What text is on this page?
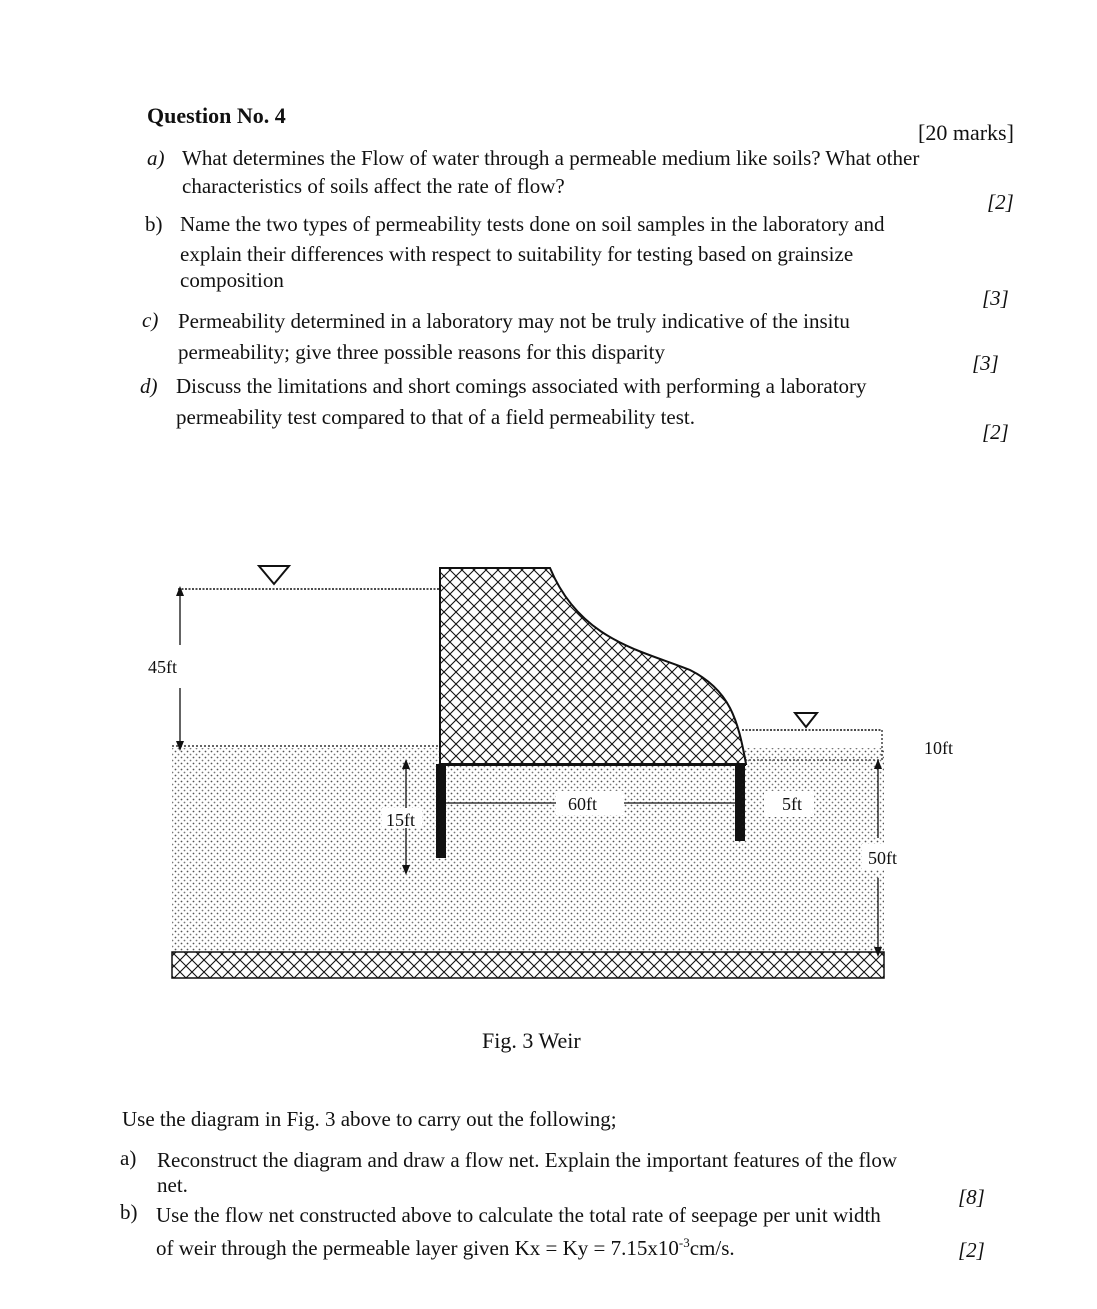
Question No. 4
[20 marks]
a) What determines the Flow of water through a permeable medium like soils? What other
characteristics of soils affect the rate of flow?
[2]
b) Name the two types of permeability tests done on soil samples in the laboratory and
explain their differences with respect to suitability for testing based on grainsize
composition
[3]
c) Permeability determined in a laboratory may not be truly indicative of the insitu
permeability; give three possible reasons for this disparity	[3]
d) Discuss the limitations and short comings associated with performing a laboratory
permeability test compared to that of a field permeability test.
[2]
45ft
15ft
60ft	5ft
10ft
50ft
Fig. 3 Weir
Use the diagram in Fig. 3 above to carry out the following;
a) Reconstruct the diagram and draw a flow net. Explain the important features of the flow
net.	[8]
b) Use the flow net constructed above to calculate the total rate of seepage per unit width
of weir through the permeable layer given $Kx = Ky = 7.15x10^{-3}cm/s$.	[2]
